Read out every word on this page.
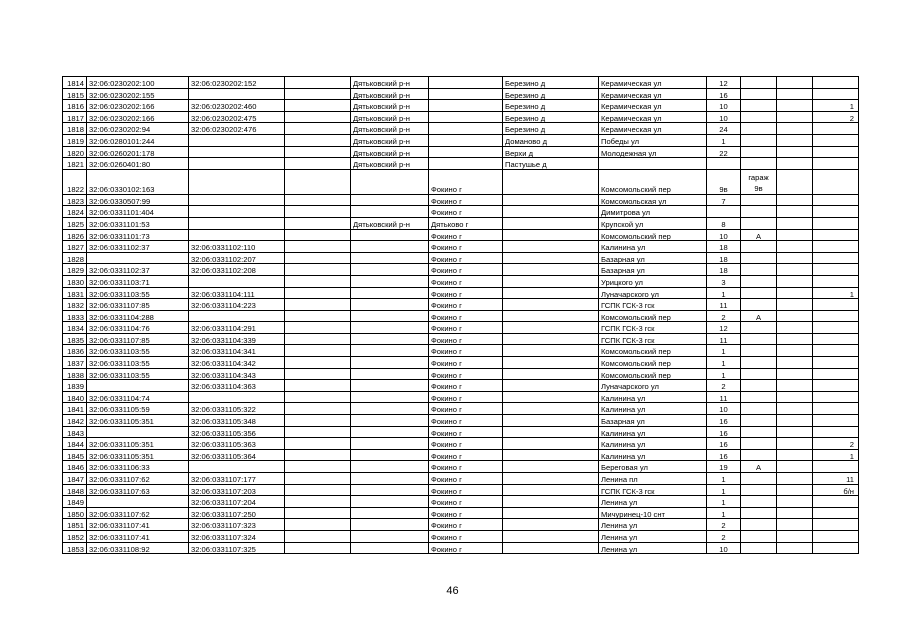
1814	32:06:0230202:100	32:06:0230202:152		Дятьковский р-н		Березино д	Керамическая ул	12			
1815	32:06:0230202:155			Дятьковский р-н		Березино д	Керамическая ул	16			
1816	32:06:0230202:166	32:06:0230202:460		Дятьковский р-н		Березино д	Керамическая ул	10			1
1817	32:06:0230202:166	32:06:0230202:475		Дятьковский р-н		Березино д	Керамическая ул	10			2
1818	32:06:0230202:94	32:06:0230202:476		Дятьковский р-н		Березино д	Керамическая ул	24			
1819	32:06:0280101:244			Дятьковский р-н		Доманово д	Победы ул	1			
1820	32:06:0260201:178			Дятьковский р-н		Верхи д	Молодежная ул	22			
1821	32:06:0260401:80			Дятьковский р-н		Пастушье д					
1822	32:06:0330102:163				Фокино г		Комсомольский пер	9в	гараж
9в		

1823	32:06:0330507:99				Фокино г		Комсомольская ул	7			
1824	32:06:0331101:404				Фокино г		Димитрова ул				
1825	32:06:0331101:53			Дятьковский р-н	Дятьково г		Крупской ул	8			
1826	32:06:0331101:73				Фокино г		Комсомольский пер	10	А		
1827	32:06:0331102:37	32:06:0331102:110			Фокино г		Калинина ул	18			
1828		32:06:0331102:207			Фокино г		Базарная ул	18			
1829	32:06:0331102:37	32:06:0331102:208			Фокино г		Базарная ул	18			
1830	32:06:0331103:71				Фокино г		Урицкого ул	3			
1831	32:06:0331103:55	32:06:0331104:111			Фокино г		Луначарского ул	1			1
1832	32:06:0331107:85	32:06:0331104:223			Фокино г		ГСПК ГСК-3 гск	11			
1833	32:06:0331104:288				Фокино г		Комсомольский пер	2	А		
1834	32:06:0331104:76	32:06:0331104:291			Фокино г		ГСПК ГСК-3 гск	12			
1835	32:06:0331107:85	32:06:0331104:339			Фокино г		ГСПК ГСК-3 гск	11			
1836	32:06:0331103:55	32:06:0331104:341			Фокино г		Комсомольский пер	1			
1837	32:06:0331103:55	32:06:0331104:342			Фокино г		Комсомольский пер	1			
1838	32:06:0331103:55	32:06:0331104:343			Фокино г		Комсомольский пер	1			
1839		32:06:0331104:363			Фокино г		Луначарского ул	2			
1840	32:06:0331104:74				Фокино г		Калинина ул	11			
1841	32:06:0331105:59	32:06:0331105:322			Фокино г		Калинина ул	10			
1842	32:06:0331105:351	32:06:0331105:348			Фокино г		Базарная ул	16			
1843		32:06:0331105:356			Фокино г		Калинина ул	16			
1844	32:06:0331105:351	32:06:0331105:363			Фокино г		Калинина ул	16			2
1845	32:06:0331105:351	32:06:0331105:364			Фокино г		Калинина ул	16			1
1846	32:06:0331106:33				Фокино г		Береговая ул	19	А		
1847	32:06:0331107:62	32:06:0331107:177			Фокино г		Ленина пл	1			11
1848	32:06:0331107:63	32:06:0331107:203			Фокино г		ГСПК ГСК-3 гск	1			б/н
1849		32:06:0331107:204			Фокино г		Ленина ул	1			
1850	32:06:0331107:62	32:06:0331107:250			Фокино г		Мичуринец-10 снт	1			
1851	32:06:0331107:41	32:06:0331107:323			Фокино г		Ленина ул	2			
1852	32:06:0331107:41	32:06:0331107:324			Фокино г		Ленина ул	2			
1853	32:06:0331108:92	32:06:0331107:325			Фокино г		Ленина ул	10			
46
